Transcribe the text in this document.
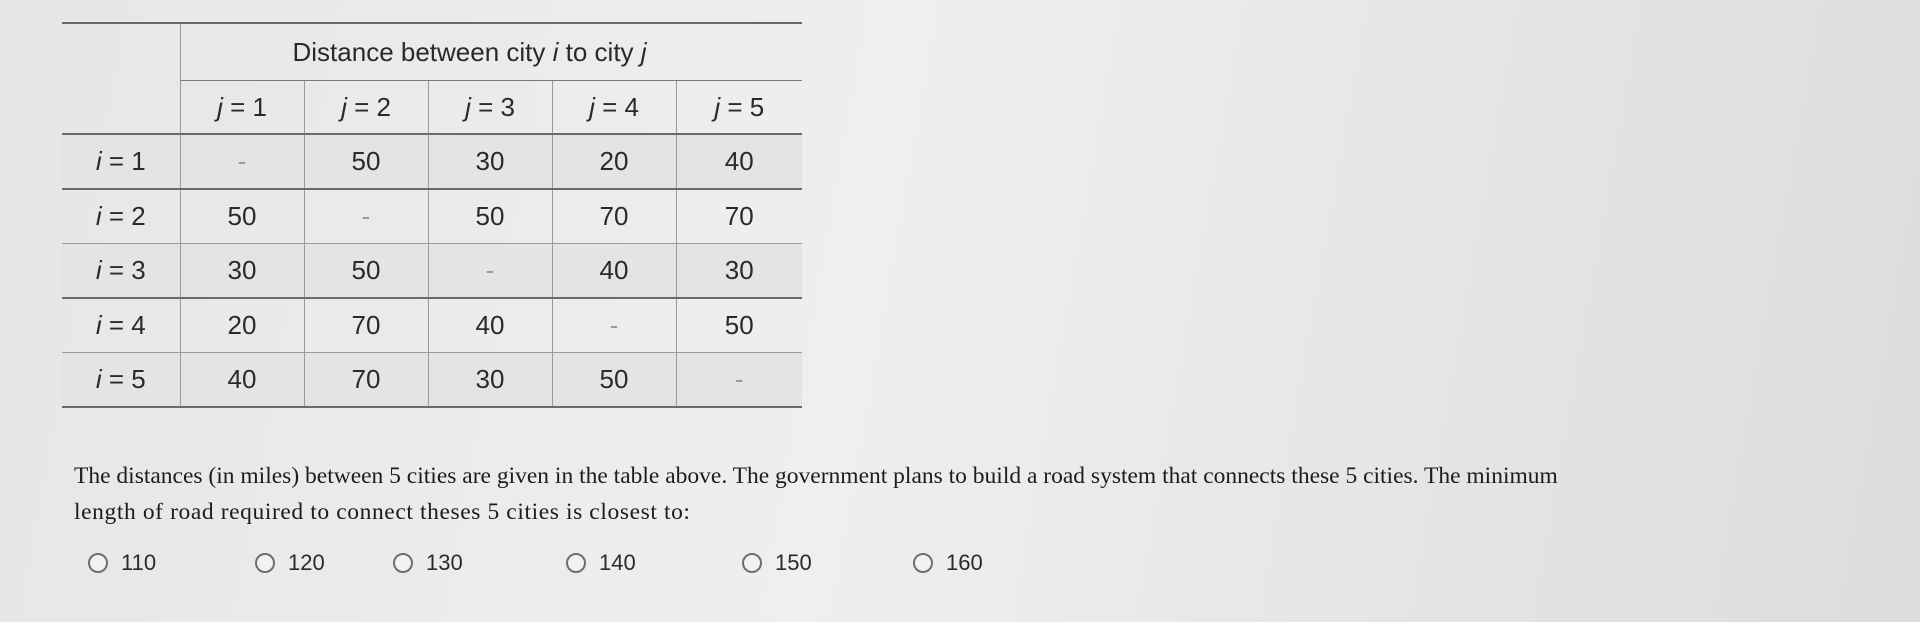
	Distance between city i to city j				
	j = 1	j = 2	j = 3	j = 4	j = 5
i = 1	-	50	30	20	40
i = 2	50	-	50	70	70
i = 3	30	50	-	40	30
i = 4	20	70	40	-	50
i = 5	40	70	30	50	-
The distances (in miles) between 5 cities are given in the table above. The government plans to build a road system that connects these 5 cities. The minimum
length of road required to connect theses 5 cities is closest to:
110	120	130	140	150	160
